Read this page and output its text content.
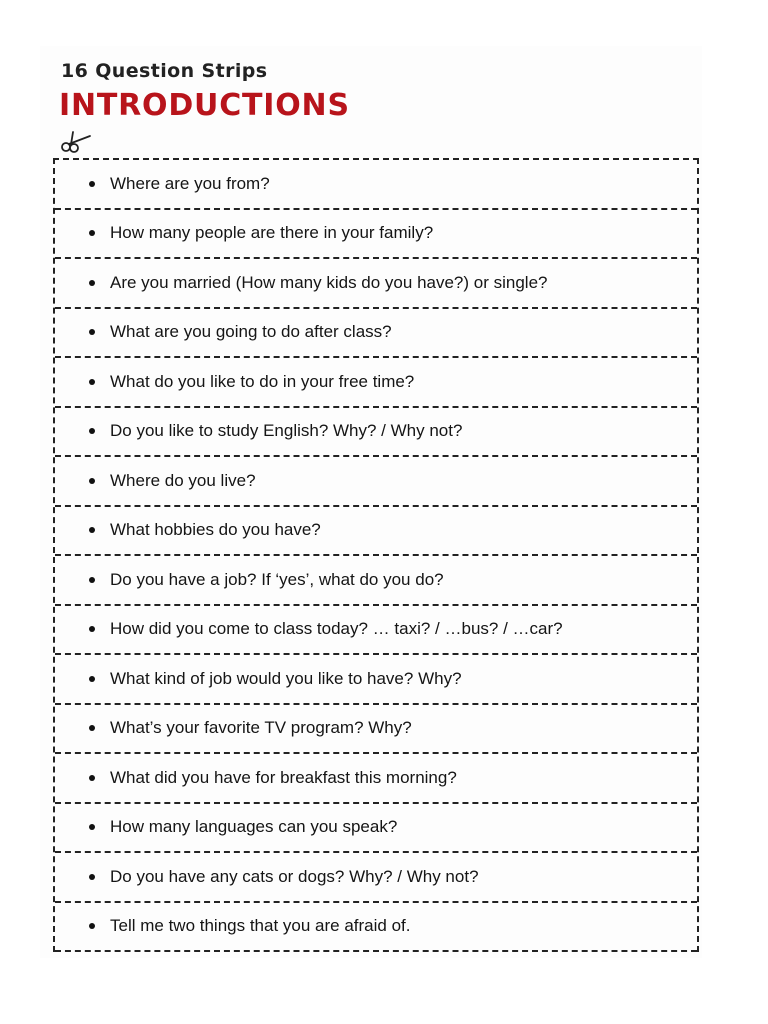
16 Question Strips
INTRODUCTIONS
Where are you from?
How many people are there in your family?
Are you married (How many kids do you have?) or single?
What are you going to do after class?
What do you like to do in your free time?
Do you like to study English? Why? / Why not?
Where do you live?
What hobbies do you have?
Do you have a job? If ‘yes’, what do you do?
How did you come to class today? … taxi? / …bus? / …car?
What kind of job would you like to have? Why?
What’s your favorite TV program? Why?
What did you have for breakfast this morning?
How many languages can you speak?
Do you have any cats or dogs? Why? / Why not?
Tell me two things that you are afraid of.
